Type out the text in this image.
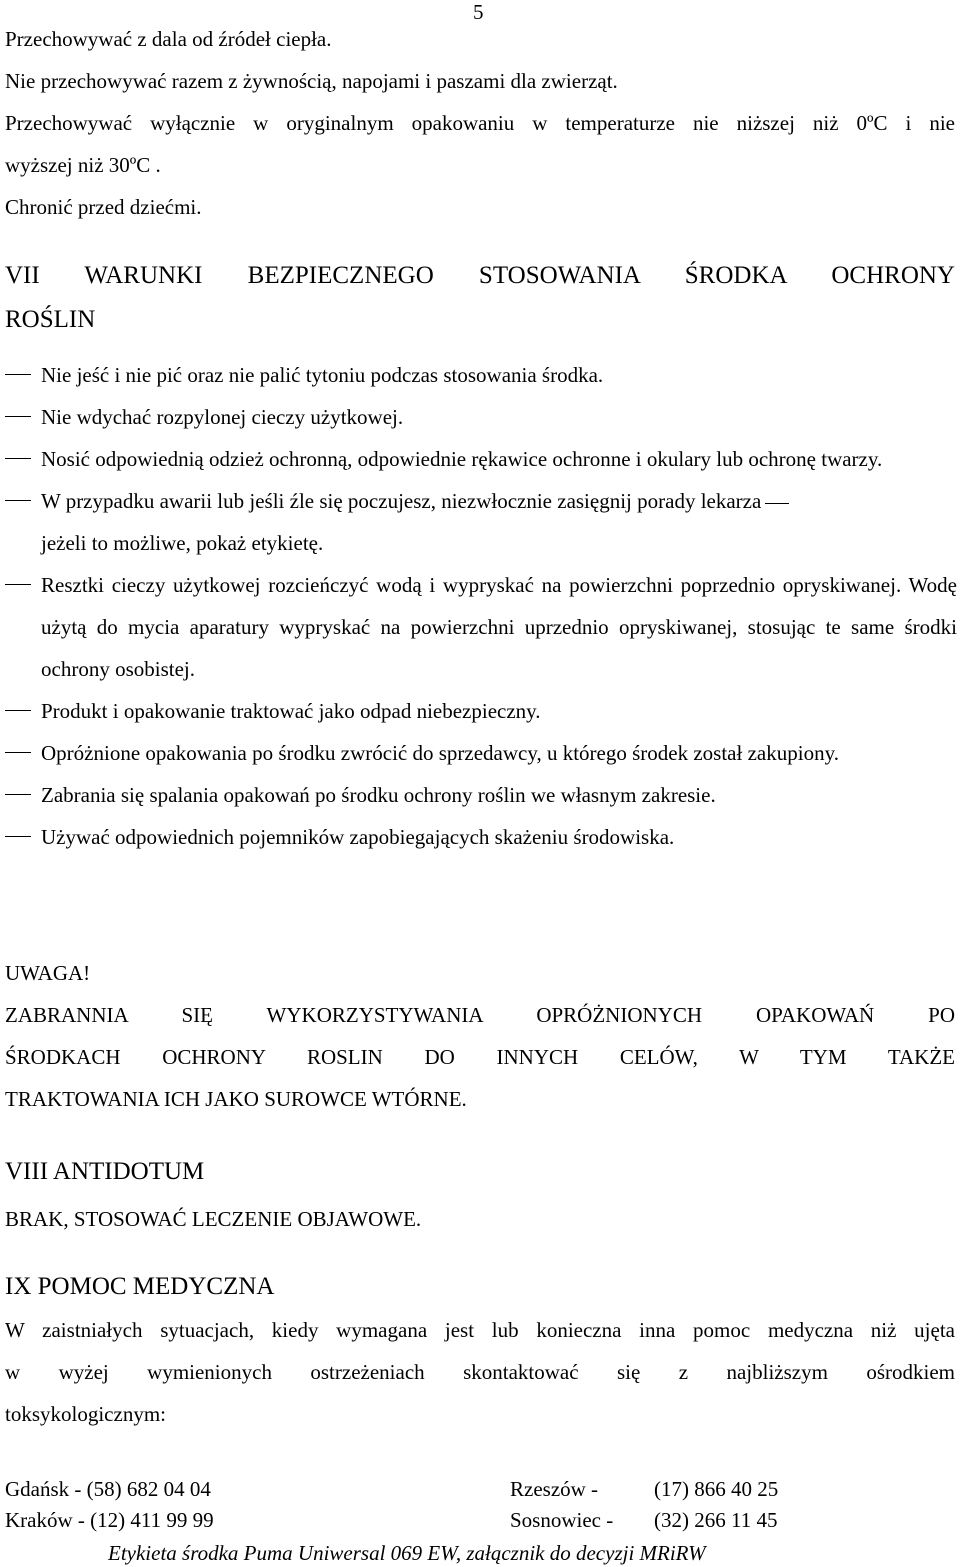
5
Przechowywać z dala od źródeł ciepła.
Nie przechowywać razem z żywnością, napojami i paszami dla zwierząt.
Przechowywać wyłącznie w oryginalnym opakowaniu w temperaturze nie niższej niż 0ºC i nie
wyższej niż 30ºC .
Chronić przed dziećmi.
VII WARUNKI BEZPIECZNEGO STOSOWANIA ŚRODKA OCHRONY
ROŚLIN
Nie jeść i nie pić oraz nie palić tytoniu podczas stosowania środka.
Nie wdychać rozpylonej cieczy użytkowej.
Nosić odpowiednią odzież ochronną, odpowiednie rękawice ochronne i okulary lub ochronę twarzy.
W przypadku awarii lub jeśli źle się poczujesz, niezwłocznie zasięgnij porady lekarza
jeżeli to możliwe, pokaż etykietę.
Resztki cieczy użytkowej rozcieńczyć wodą i wypryskać na powierzchni poprzednio opryskiwanej. Wodę użytą do mycia aparatury wypryskać na powierzchni uprzednio opryskiwanej, stosując te same środki ochrony osobistej.
Produkt i opakowanie traktować jako odpad niebezpieczny.
Opróżnione opakowania po środku zwrócić do sprzedawcy, u którego środek został zakupiony.
Zabrania się spalania opakowań po środku ochrony roślin we własnym zakresie.
Używać odpowiednich pojemników zapobiegających skażeniu środowiska.
UWAGA!
ZABRANNIA SIĘ WYKORZYSTYWANIA OPRÓŻNIONYCH OPAKOWAŃ PO
ŚRODKACH OCHRONY ROSLIN DO INNYCH CELÓW, W TYM TAKŻE
TRAKTOWANIA ICH JAKO SUROWCE WTÓRNE.
VIII ANTIDOTUM
BRAK, STOSOWAĆ LECZENIE OBJAWOWE.
IX POMOC MEDYCZNA
W zaistniałych sytuacjach, kiedy wymagana jest lub konieczna inna pomoc medyczna niż ujęta
w wyżej wymienionych ostrzeżeniach skontaktować się z najbliższym ośrodkiem
toksykologicznym:
Gdańsk - (58) 682 04 04	Rzeszów -	(17) 866 40 25
Kraków - (12) 411 99 99	Sosnowiec - (32) 266 11 45
Etykieta środka Puma Uniwersal 069 EW, załącznik do decyzji MRiRW
